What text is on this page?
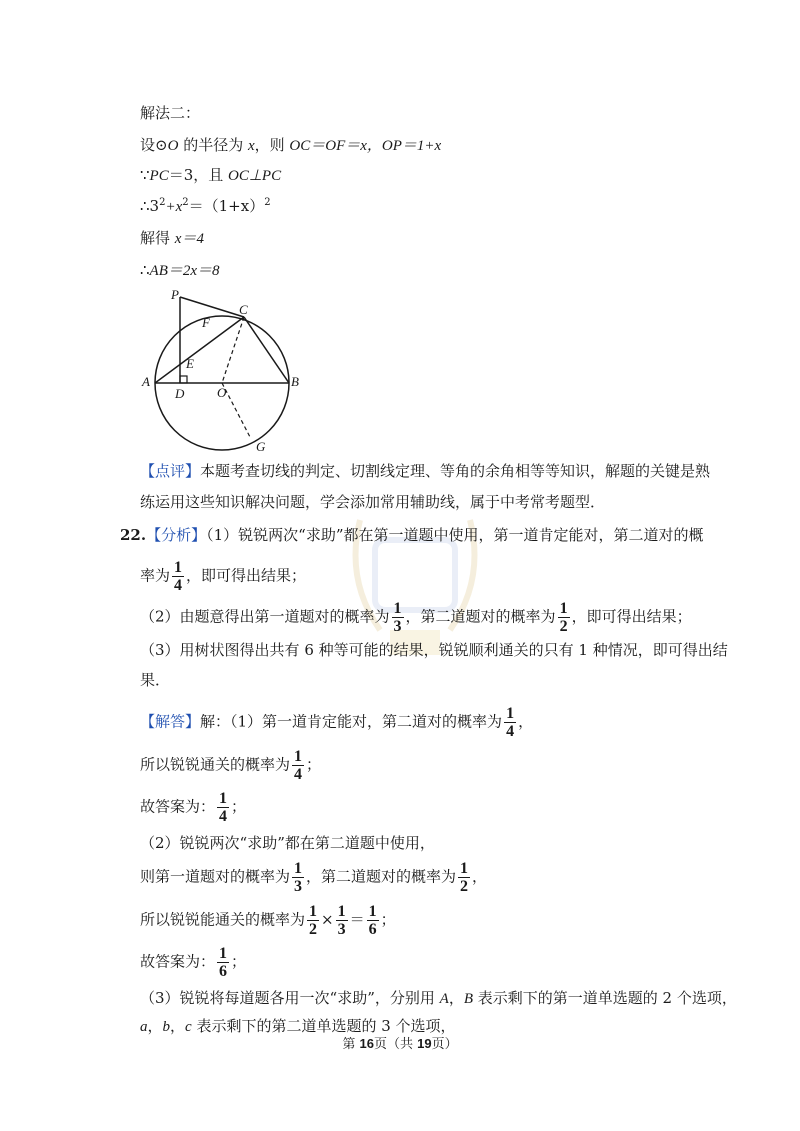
解法二：
设⊙O 的半径为 x，则 OC＝OF＝x，OP＝1+x
∵PC＝3，且 OC⊥PC
$\therefore 3^2+x^2=(1+x)^2$
解得 x＝4
∴AB＝2x＝8
P
C
F
E
A
D	O
B
G
【点评】本题考查切线的判定、切割线定理、等角的余角相等等知识，解题的关键是熟
练运用这些知识解决问题，学会添加常用辅助线，属于中考常考题型．
22.【分析】（1）锐锐两次“求助”都在第一道题中使用，第一道肯定能对，第二道对的概
率为 $\frac{1}{4}$ ，即可得出结果；
（2）由题意得出第一道题对的概率为 $\frac{1}{3}$ ，第二道题对的概率为 $\frac{1}{2}$ ，即可得出结果；
（3）用树状图得出共有 6 种等可能的结果，锐锐顺利通关的只有 1 种情况，即可得出结
果．
【解答】解：（1）第一道肯定能对，第二道对的概率为 $\frac{1}{4}$ ，
所以锐锐通关的概率为 $\frac{1}{4}$ ；
故答案为： $\frac{1}{4}$ ；
（2）锐锐两次“求助”都在第二道题中使用，
则第一道题对的概率为 $\frac{1}{3}$ ，第二道题对的概率为 $\frac{1}{2}$ ，
所以锐锐能通关的概率为 $\frac{1}{2} \times \frac{1}{3} = \frac{1}{6}$ ；
故答案为： $\frac{1}{6}$ ；
（3）锐锐将每道题各用一次“求助”，分别用 A，B 表示剩下的第一道单选题的 2 个选项，
a，b，c 表示剩下的第二道单选题的 3 个选项，
第 16页（共 19页）
